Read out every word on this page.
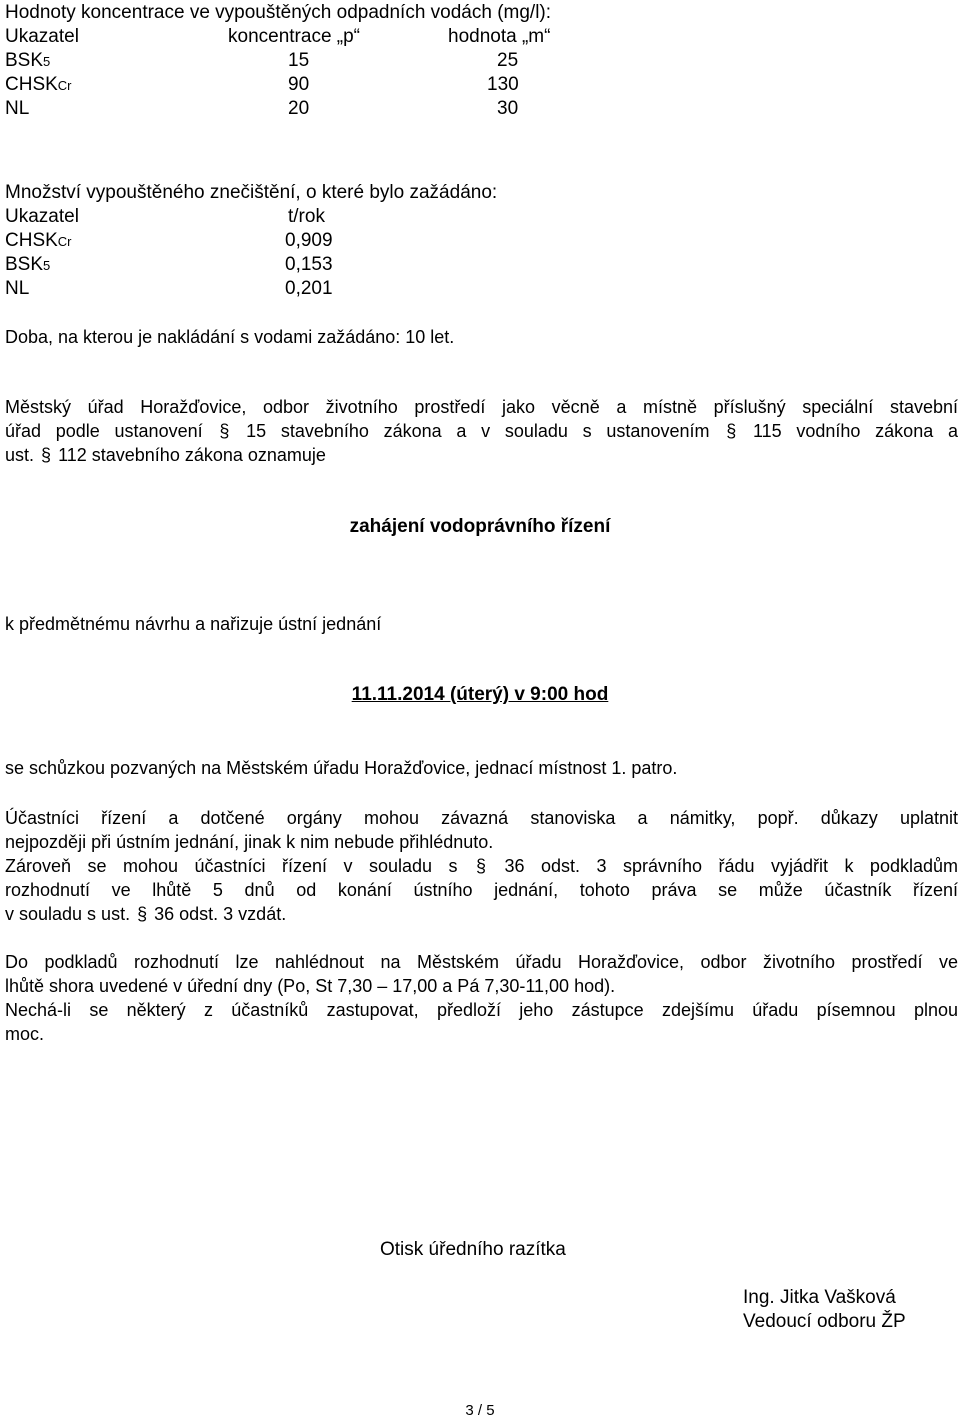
Hodnoty koncentrace ve vypouštěných odpadních vodách (mg/l):
Ukazatel	koncentrace „p“	hodnota „m“
BSK5	15	25
CHSKCr	90	130
NL	20	30
Množství vypouštěného znečištění, o které bylo zažádáno:
Ukazatel	t/rok
CHSKCr	0,909
BSK5	0,153
NL	0,201
Doba, na kterou je nakládání s vodami zažádáno: 10 let.
Městský úřad Horažďovice, odbor životního prostředí jako věcně a místně příslušný speciální stavební
úřad podle ustanovení § 15 stavebního zákona a v souladu s ustanovením § 115 vodního zákona a
ust. § 112 stavebního zákona oznamuje
zahájení vodoprávního řízení
k předmětnému návrhu a nařizuje ústní jednání
11.11.2014 (úterý) v 9:00 hod
se schůzkou pozvaných na Městském úřadu Horažďovice, jednací místnost 1. patro.
Účastníci řízení a dotčené orgány mohou závazná stanoviska a námitky, popř. důkazy uplatnit
nejpozději při ústním jednání, jinak k nim nebude přihlédnuto.
Zároveň se mohou účastníci řízení v souladu s § 36 odst. 3 správního řádu vyjádřit k podkladům
rozhodnutí ve lhůtě 5 dnů od konání ústního jednání, tohoto práva se může účastník řízení
v souladu s ust. § 36 odst. 3 vzdát.
Do podkladů rozhodnutí lze nahlédnout na Městském úřadu Horažďovice, odbor životního prostředí ve
lhůtě shora uvedené v úřední dny (Po, St 7,30 – 17,00 a Pá 7,30-11,00 hod).
Nechá-li se některý z účastníků zastupovat, předloží jeho zástupce zdejšímu úřadu písemnou plnou
moc.
Otisk úředního razítka
Ing. Jitka Vašková
Vedoucí odboru ŽP
3 / 5
